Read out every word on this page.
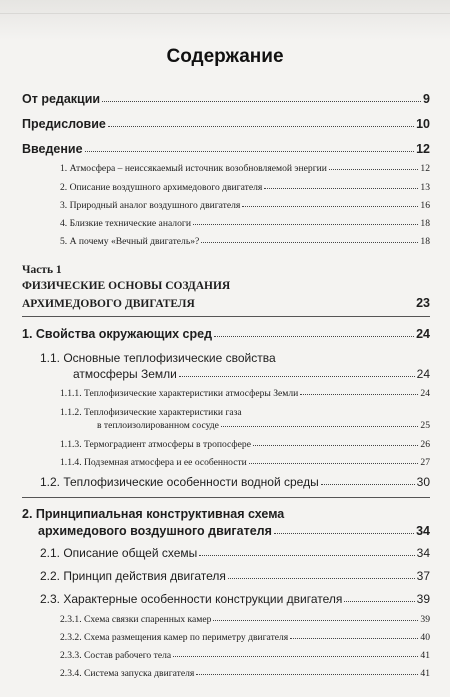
Содержание
От редакции	9
Предисловие	10
Введение	12
1. Атмосфера – неиссякаемый источник возобновляемой энергии	12
2. Описание воздушного архимедового двигателя	13
3. Природный аналог воздушного двигателя	16
4. Близкие технические аналоги	18
5. А почему «Вечный двигатель»?	18
Часть 1
ФИЗИЧЕСКИЕ ОСНОВЫ СОЗДАНИЯ
АРХИМЕДОВОГО ДВИГАТЕЛЯ	23
1. Свойства окружающих сред	24
1.1. Основные теплофизические свойства
атмосферы Земли	24
1.1.1. Теплофизические характеристики атмосферы Земли	24
1.1.2. Теплофизические характеристики газа
в теплоизолированном сосуде	25
1.1.3. Термоградиент атмосферы в тропосфере	26
1.1.4. Подземная атмосфера и ее особенности	27
1.2. Теплофизические особенности водной среды	30
2. Принципиальная конструктивная схема
архимедового воздушного двигателя	34
2.1. Описание общей схемы	34
2.2. Принцип действия двигателя	37
2.3. Характерные особенности конструкции двигателя	39
2.3.1. Схема связки спаренных камер	39
2.3.2. Схема размещения камер по периметру двигателя	40
2.3.3. Состав рабочего тела	41
2.3.4. Система запуска двигателя	41
